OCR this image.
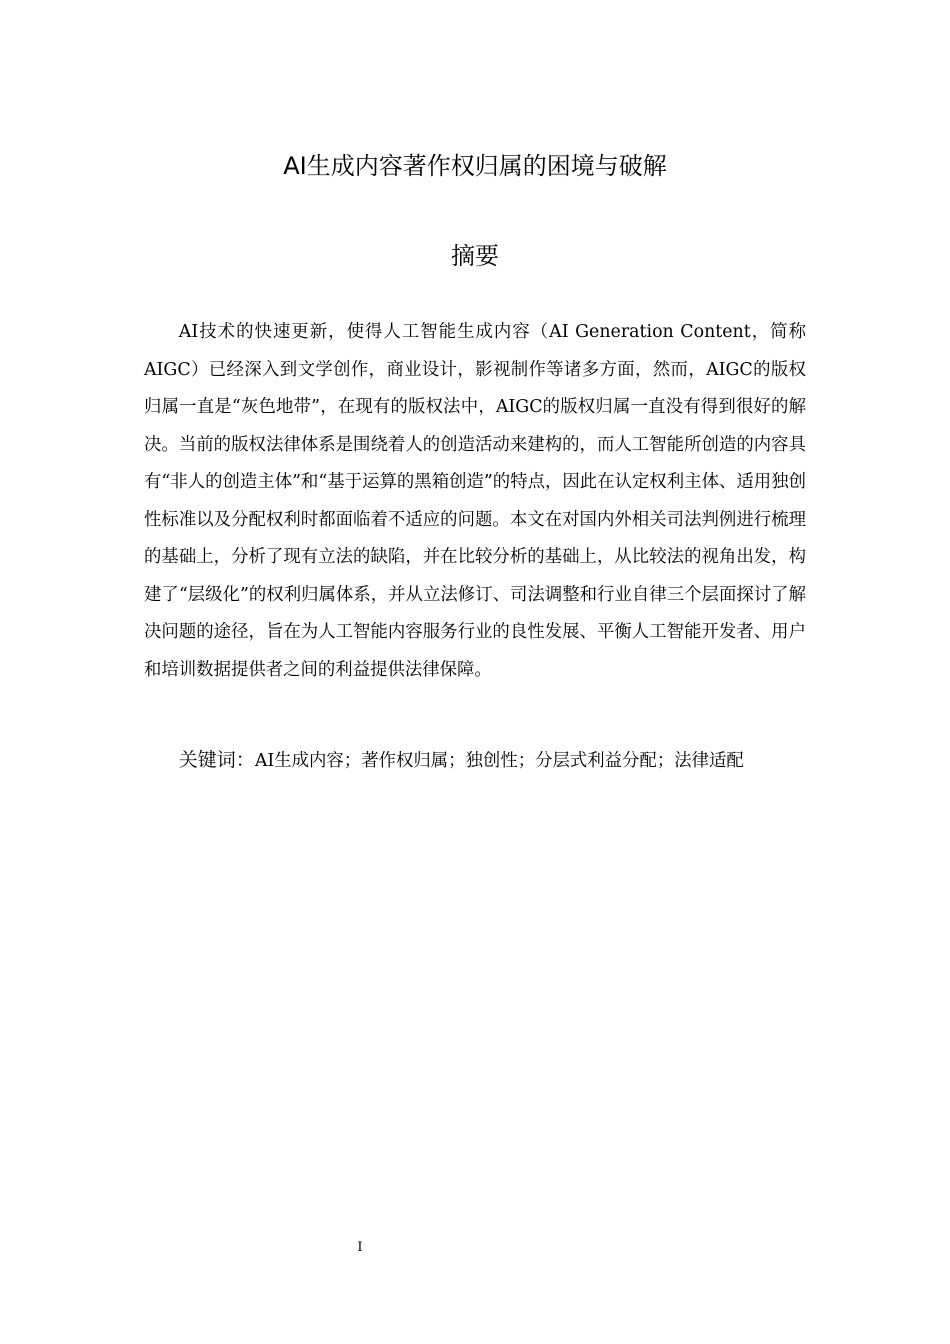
AI生成内容著作权归属的困境与破解
摘要

AI技术的快速更新，使得人工智能生成内容（AI Generation Content，简称AIGC）已经深入到文学创作，商业设计，影视制作等诸多方面，然而，AIGC的版权归属一直是“灰色地带”，在现有的版权法中，AIGC的版权归属一直没有得到很好的解决。当前的版权法律体系是围绕着人的创造活动来建构的，而人工智能所创造的内容具有“非人的创造主体”和“基于运算的黑箱创造”的特点，因此在认定权利主体、适用独创性标准以及分配权利时都面临着不适应的问题。本文在对国内外相关司法判例进行梳理的基础上，分析了现有立法的缺陷，并在比较分析的基础上，从比较法的视角出发，构建了“层级化”的权利归属体系，并从立法修订、司法调整和行业自律三个层面探讨了解决问题的途径，旨在为人工智能内容服务行业的良性发展、平衡人工智能开发者、用户和培训数据提供者之间的利益提供法律保障。

关键词：AI生成内容；著作权归属；独创性；分层式利益分配；法律适配

I
